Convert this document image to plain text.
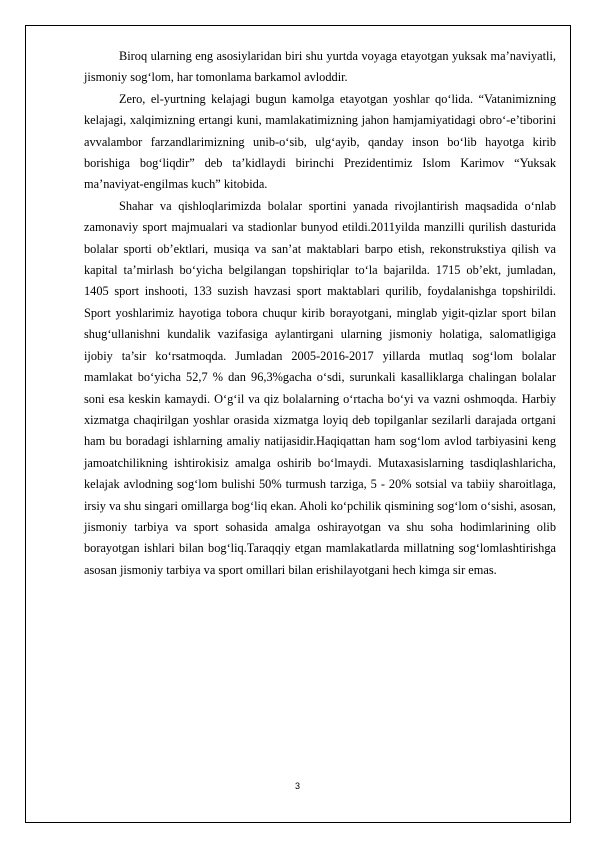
Biroq ularning eng asosiylaridan biri shu yurtda voyaga etayotgan yuksak ma’naviyatli, jismoniy sog‘lom, har tomonlama barkamol avloddir.

Zero, el-yurtning kelajagi bugun kamolga etayotgan yoshlar qo‘lida. “Vatanimizning kelajagi, xalqimizning ertangi kuni, mamlakatimizning jahon hamjamiyatidagi obro‘-e’tiborini avvalambor farzandlarimizning unib-o‘sib, ulg‘ayib, qanday inson bo‘lib hayotga kirib borishiga bog‘liqdir” deb ta’kidlaydi birinchi Prezidentimiz Islom Karimov “Yuksak ma’naviyat-engilmas kuch” kitobida.

Shahar va qishloqlarimizda bolalar sportini yanada rivojlantirish maqsadida o‘nlab zamonaviy sport majmualari va stadionlar bunyod etildi.2011yilda manzilli qurilish dasturida bolalar sporti ob’ektlari, musiqa va san’at maktablari barpo etish, rekonstrukstiya qilish va kapital ta’mirlash bo‘yicha belgilangan topshiriqlar to‘la bajarilda. 1715 ob’ekt, jumladan, 1405 sport inshooti, 133 suzish havzasi sport maktablari qurilib, foydalanishga topshirildi. Sport yoshlarimiz hayotiga tobora chuqur kirib borayotgani, minglab yigit-qizlar sport bilan shug‘ullanishni kundalik vazifasiga aylantirgani ularning jismoniy holatiga, salomatligiga ijobiy ta’sir ko‘rsatmoqda. Jumladan 2005-2016-2017 yillarda mutlaq sog‘lom bolalar mamlakat bo‘yicha 52,7 % dan 96,3%gacha o‘sdi, surunkali kasalliklarga chalingan bolalar soni esa keskin kamaydi. O‘g‘il va qiz bolalarning o‘rtacha bo‘yi va vazni oshmoqda. Harbiy xizmatga chaqirilgan yoshlar orasida xizmatga loyiq deb topilganlar sezilarli darajada ortgani ham bu boradagi ishlarning amaliy natijasidir.Haqiqattan ham sog‘lom avlod tarbiyasini keng jamoatchilikning ishtirokisiz amalga oshirib bo‘lmaydi. Mutaxasislarning tasdiqlashlaricha, kelajak avlodning sog‘lom bulishi 50% turmush tarziga, 5 - 20% sotsial va tabiiy sharoitlaga, irsiy va shu singari omillarga bog‘liq ekan. Aholi ko‘pchilik qismining sog‘lom o‘sishi, asosan, jismoniy tarbiya va sport sohasida amalga oshirayotgan va shu soha hodimlarining olib borayotgan ishlari bilan bog‘liq.Taraqqiy etgan mamlakatlarda millatning sog‘lomlashtirishga asosan jismoniy tarbiya va sport omillari bilan erishilayotgani hech kimga sir emas.

3
